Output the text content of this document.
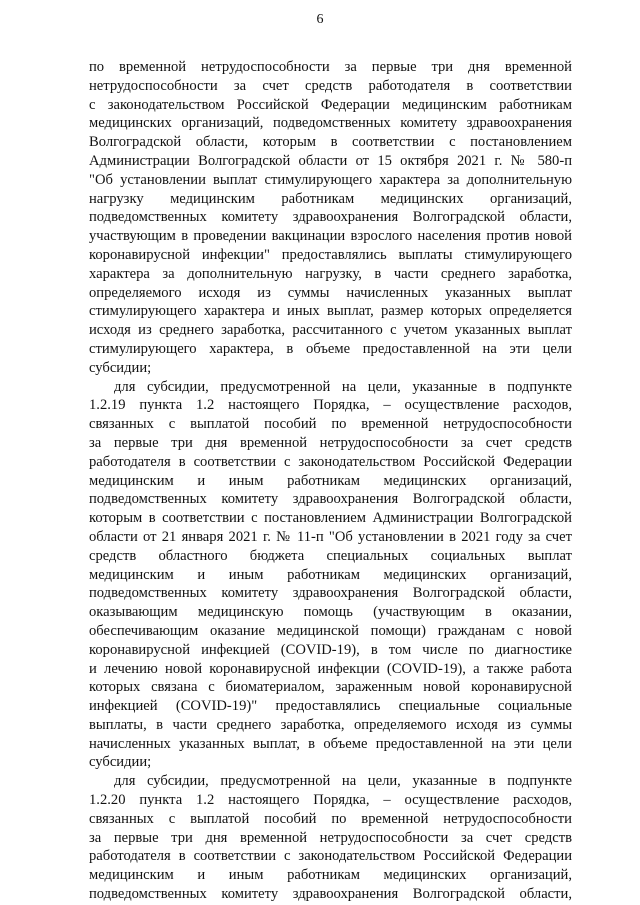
6
по временной нетрудоспособности за первые три дня временной
нетрудоспособности за счет средств работодателя в соответствии
с законодательством Российской Федерации медицинским работникам
медицинских организаций, подведомственных комитету здравоохранения
Волгоградской области, которым в соответствии с постановлением
Администрации Волгоградской области от 15 октября 2021 г. № 580-п
"Об установлении выплат стимулирующего характера за дополнительную
нагрузку медицинским работникам медицинских организаций,
подведомственных комитету здравоохранения Волгоградской области,
участвующим в проведении вакцинации взрослого населения против новой
коронавирусной инфекции" предоставлялись выплаты стимулирующего
характера за дополнительную нагрузку, в части среднего заработка,
определяемого исходя из суммы начисленных указанных выплат
стимулирующего характера и иных выплат, размер которых определяется
исходя из среднего заработка, рассчитанного с учетом указанных выплат
стимулирующего характера, в объеме предоставленной на эти цели
субсидии;
для субсидии, предусмотренной на цели, указанные в подпункте
1.2.19 пункта 1.2 настоящего Порядка, – осуществление расходов,
связанных с выплатой пособий по временной нетрудоспособности
за первые три дня временной нетрудоспособности за счет средств
работодателя в соответствии с законодательством Российской Федерации
медицинским и иным работникам медицинских организаций,
подведомственных комитету здравоохранения Волгоградской области,
которым в соответствии с постановлением Администрации Волгоградской
области от 21 января 2021 г. № 11-п "Об установлении в 2021 году за счет
средств областного бюджета специальных социальных выплат
медицинским и иным работникам медицинских организаций,
подведомственных комитету здравоохранения Волгоградской области,
оказывающим медицинскую помощь (участвующим в оказании,
обеспечивающим оказание медицинской помощи) гражданам с новой
коронавирусной инфекцией (COVID-19), в том числе по диагностике
и лечению новой коронавирусной инфекции (COVID-19), а также работа
которых связана с биоматериалом, зараженным новой коронавирусной
инфекцией (COVID-19)" предоставлялись специальные социальные
выплаты, в части среднего заработка, определяемого исходя из суммы
начисленных указанных выплат, в объеме предоставленной на эти цели
субсидии;
для субсидии, предусмотренной на цели, указанные в подпункте
1.2.20 пункта 1.2 настоящего Порядка, – осуществление расходов,
связанных с выплатой пособий по временной нетрудоспособности
за первые три дня временной нетрудоспособности за счет средств
работодателя в соответствии с законодательством Российской Федерации
медицинским и иным работникам медицинских организаций,
подведомственных комитету здравоохранения Волгоградской области,
